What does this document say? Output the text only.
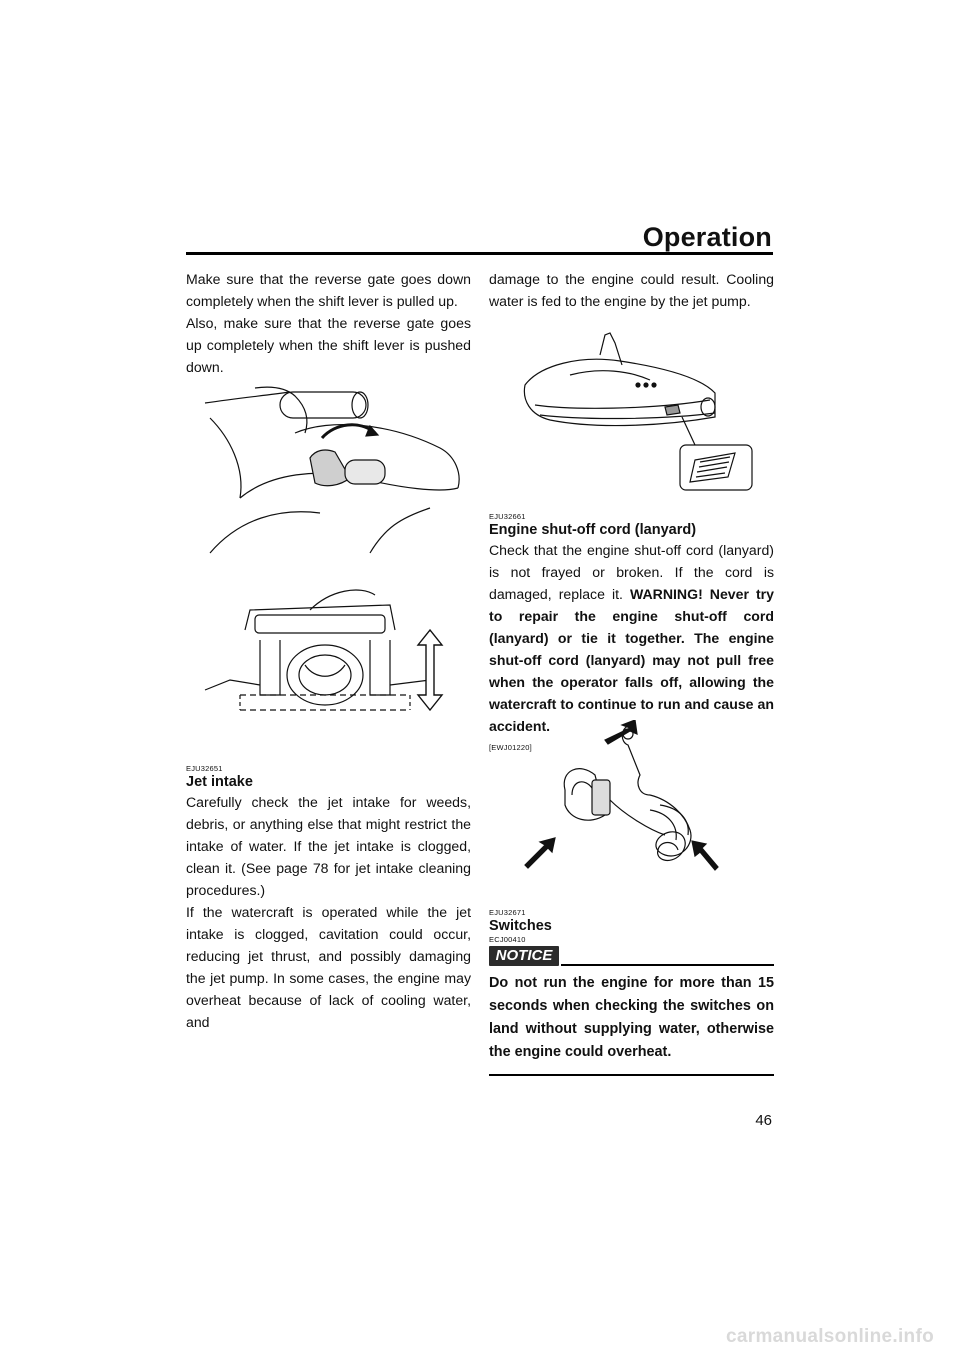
Operation

Make sure that the reverse gate goes down completely when the shift lever is pulled up.

Also, make sure that the reverse gate goes up completely when the shift lever is pushed down.

EJU32651

Jet intake

Carefully check the jet intake for weeds, debris, or anything else that might restrict the intake of water. If the jet intake is clogged, clean it. (See page 78 for jet intake cleaning procedures.)

If the watercraft is operated while the jet intake is clogged, cavitation could occur, reducing jet thrust, and possibly damaging the jet pump. In some cases, the engine may overheat because of lack of cooling water, and

damage to the engine could result. Cooling water is fed to the engine by the jet pump.

EJU32661

Engine shut-off cord (lanyard)

Check that the engine shut-off cord (lanyard) is not frayed or broken. If the cord is damaged, replace it. WARNING! Never try to repair the engine shut-off cord (lanyard) or tie it together. The engine shut-off cord (lanyard) may not pull free when the operator falls off, allowing the watercraft to continue to run and cause an accident.

[EWJ01220]

EJU32671

Switches

ECJ00410

NOTICE

Do not run the engine for more than 15 seconds when checking the switches on land without supplying water, otherwise the engine could overheat.

46
carmanualsonline.info
